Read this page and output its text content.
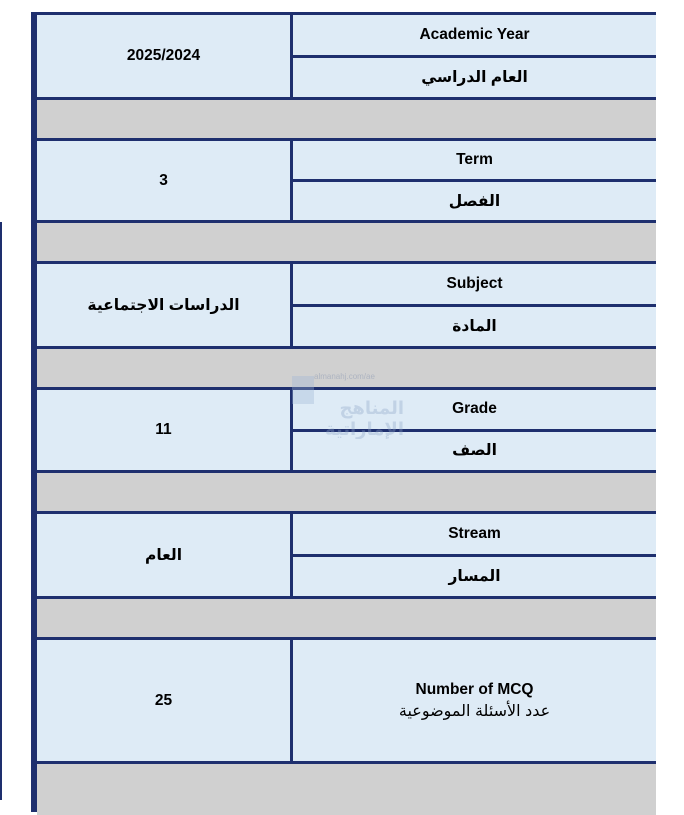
2025/2024
Academic Year
العام الدراسي
3
Term
الفصل
الدراسات الاجتماعية
Subject
المادة
11
Grade
الصف
العام
Stream
المسار
25
Number of MCQ
عدد الأسئلة الموضوعية
almanahj.com/ae
المناهج الإماراتية
